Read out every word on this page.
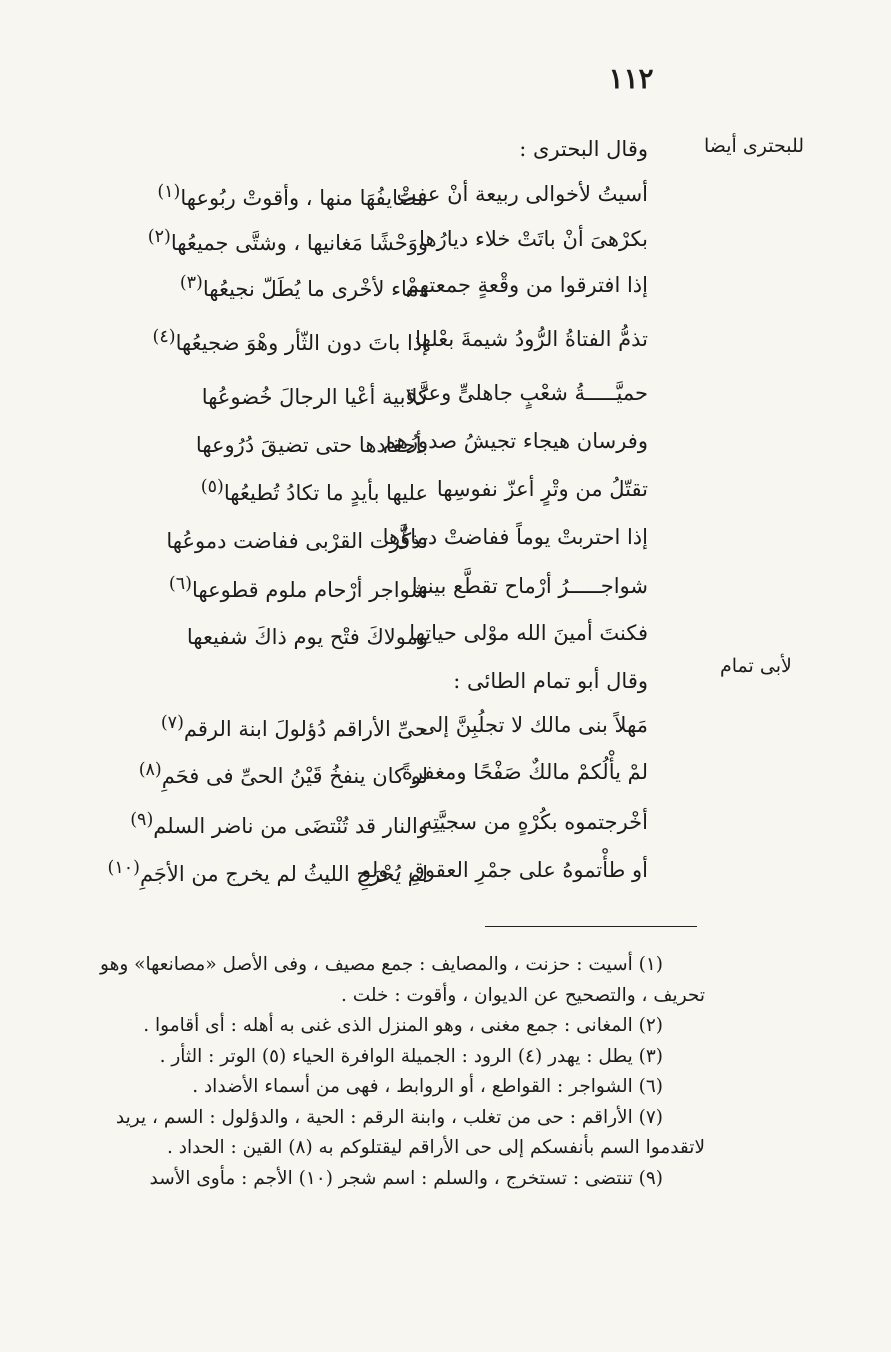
١١٢
للبحترى أيضا
وقال البحترى :
أسيتُ لأخوالى ربيعة أنْ عفتْ
مَصَايفُهَا منها ، وأقوتْ ربُوعها$^{(١)}$
بكرْهىَ أنْ باتَتْ خلاء ديارُها
ووَحْشًا مَغانيها ، وشتَّى جميعُها$^{(٢)}$
إذا افترقوا من وقْعةٍ جمعتهمْ
دماء لأخْرى ما يُطَلّ نجيعُها$^{(٣)}$
تذمُّ الفتاةُ الرُّودُ شيمةَ بعْلها
إذا باتَ دون الثّأر وهْوَ ضجيعُها$^{(٤)}$
حميَّـــــةُ شعْبٍ جاهلىٍّ وعزَّة
كلابية أعْيا الرجالَ خُضوعُها
وفرسان هيجاء تجيشُ صدورُهم
بأحقادها حتى تضيقَ دُرُوعها
تقتّلُ من وتْرٍ أعزّ نفوسِها
عليها بأيدٍ ما تكادُ تُطيعُها$^{(٥)}$
إذا احتربتْ يوماً ففاضتْ دماؤُها
تذكَّرت القرْبى ففاضت دموعُها
شواجـــــرُ أرْماح تقطَّع بينها
شواجر أرْحام ملوم قطوعها$^{(٦)}$
فكنتَ أمينَ الله موْلى حياتِها
ومولاكَ فتْح يوم ذاكَ شفيعها
لأبى تمام
وقال أبو تمام الطائى :
مَهلاً بنى مالك لا تجلُبِنَّ إلى
حىِّ الأراقم دُؤلولَ ابنة الرقم$^{(٧)}$
لمْ يأْلُكمْ مالكٌ صَفْحًا ومغفرةً
لو كان ينفخُ قَيْنُ الحىِّ فى فحَمِ$^{(٨)}$
أخْرجتموه بكُرْهٍ من سجيَّتِه
والنار قد تُنْتضَى من ناضر السلم$^{(٩)}$
أو طأْتموهُ على جمْرِ العقوقِ ، ولو
لم يُحْرَجِ الليثُ لم يخرج من الأجَمِ$^{(١٠)}$

(١) أسيت : حزنت ، والمصايف : جمع مصيف ، وفى الأصل «مصانعها» وهو

تحريف ، والتصحيح عن الديوان ، وأقوت : خلت .

(٢) المغانى : جمع مغنى ، وهو المنزل الذى غنى به أهله : أى أقاموا .

(٣) يطل : يهدر (٤) الرود : الجميلة الوافرة الحياء (٥) الوتر : الثأر .

(٦) الشواجر : القواطع ، أو الروابط ، فهى من أسماء الأضداد .

(٧) الأراقم : حى من تغلب ، وابنة الرقم : الحية ، والدؤلول : السم ، يريد

لاتقدموا السم بأنفسكم إلى حى الأراقم ليقتلوكم به (٨) القين : الحداد .

(٩) تنتضى : تستخرج ، والسلم : اسم شجر (١٠) الأجم : مأوى الأسد
